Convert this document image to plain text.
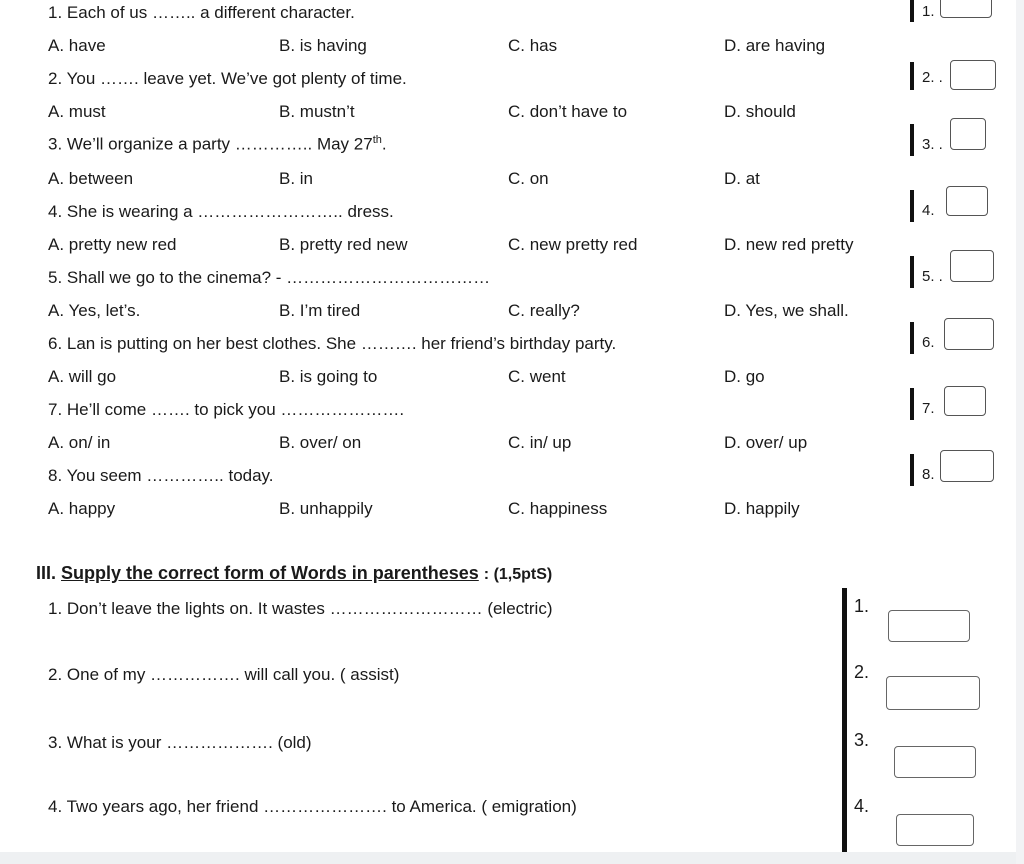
1. Each of us …….. a different character.
A. have	B. is having	C. has	D. are having
2. You ……. leave yet. We’ve got plenty of time.
A. must	B. mustn’t	C. don’t have to	D. should
3. We’ll organize a party ………….. May 27th.
A. between	B. in	C. on	D. at
4. She is wearing a …………………….. dress.
A. pretty new red	B. pretty red new	C. new pretty red	D. new red pretty
5. Shall we go to the cinema? - ………………………………
A. Yes, let’s.	B. I’m tired	C. really?	D. Yes, we shall.
6. Lan is putting on her best clothes. She ………. her friend’s birthday party.
A. will go	B. is going to	C. went	D. go
7. He’ll come ……. to pick you ………………….
A. on/ in	B. over/ on	C. in/ up	D. over/ up
8. You seem ………….. today.
A. happy	B. unhappily	C. happiness	D. happily
1.
2. .
3. .
4.
5. .
6.
7.
8.
III. Supply the correct form of Words in parentheses : (1,5ptS)
1. Don’t leave the lights on. It wastes ……………………… (electric)
2. One of my ……………. will call you. ( assist)
3. What is your ………………. (old)
4. Two years ago, her friend …………………. to America. ( emigration)
1.
2.
3.
4.
